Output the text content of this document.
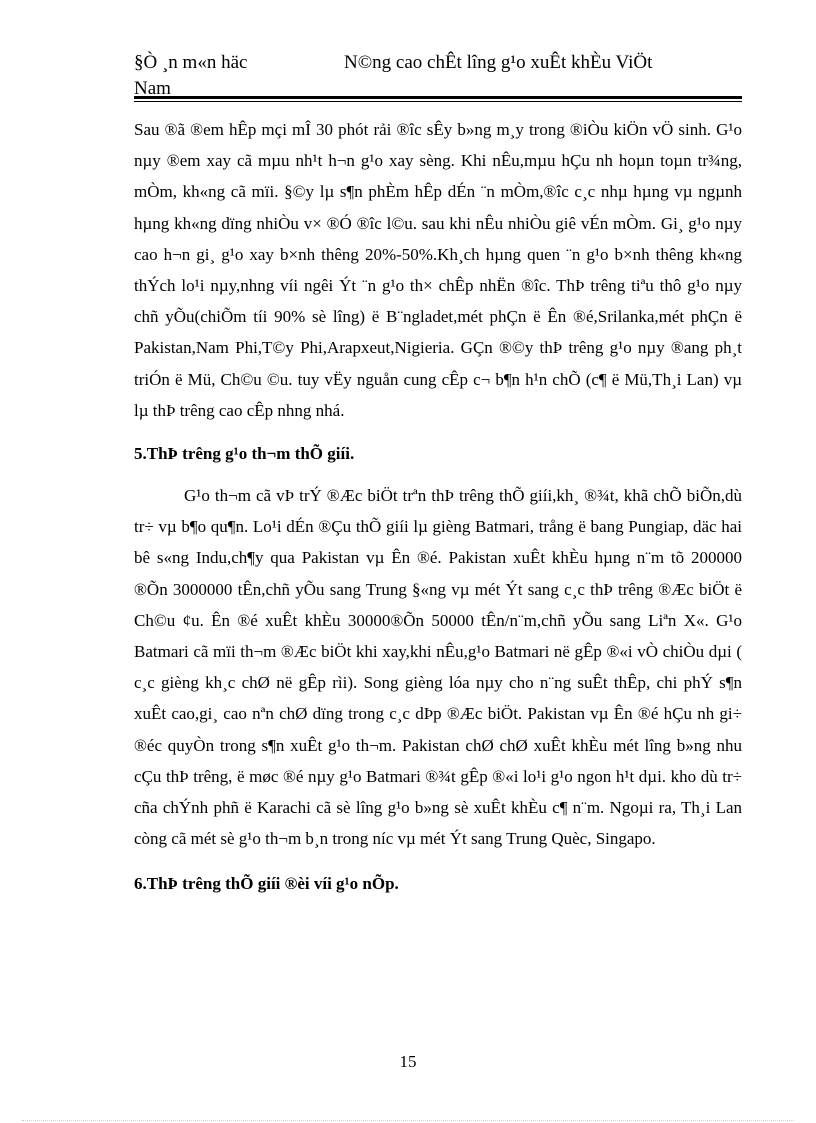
§Ò ¸n m«n häc Nam
N©ng cao chÊt lîng g¹o xuÊt khÈu ViÖt

Sau ®ã ®em hÊp mçi mÎ 30 phót rải ®îc sÊy b»ng m¸y trong ®iÒu kiÖn vÖ sinh. G¹o nµy ®em xay cã mµu nh¹t h¬n g¹o xay sèng. Khi nÊu,mµu hÇu nh hoµn toµn tr¾ng, mÒm, kh«ng cã mïi. §©y lµ s¶n phÈm hÊp dÉn ¨n mÒm,®îc c¸c nhµ hµng vµ ngµnh hµng kh«ng dïng nhiÒu v× ®Ó ®îc l©u. sau khi nÊu nhiÒu giê vÉn mÒm. Gi¸ g¹o nµy cao h¬n gi¸ g¹o xay b×nh thêng 20%-50%.Kh¸ch hµng quen ¨n g¹o b×nh thêng kh«ng thÝch lo¹i nµy,nhng víi ngêi Ýt ¨n g¹o th× chÊp nhËn ®îc. ThÞ trêng tiªu thô g¹o nµy chñ yÕu(chiÕm tíi 90% sè lîng) ë B¨ngladet,mét phÇn ë Ên ®é,Srilanka,mét phÇn ë Pakistan,Nam Phi,T©y Phi,Arapxeut,Nigieria. GÇn ®©y thÞ trêng g¹o nµy ®ang ph¸t triÓn ë Mü, Ch©u ©u. tuy vËy nguån cung cÊp c¬ b¶n h¹n chÕ (c¶ ë Mü,Th¸i Lan) vµ lµ thÞ trêng cao cÊp nhng nhá.

5.ThÞ trêng g¹o th¬m thÕ giíi.

G¹o th¬m cã vÞ trÝ ®Æc biÖt trªn thÞ trêng thÕ giíi,kh¸ ®¾t, khã chÕ biÕn,dù tr÷ vµ b¶o qu¶n. Lo¹i dÉn ®Çu thÕ giíi lµ gièng Batmari, trång ë bang Pungiap, däc hai bê s«ng Indu,ch¶y qua Pakistan vµ Ên ®é. Pakistan xuÊt khÈu hµng n¨m tõ 200000 ®Õn 3000000 tÊn,chñ yÕu sang Trung §«ng vµ mét Ýt sang c¸c thÞ trêng ®Æc biÖt ë Ch©u ¢u. Ên ®é xuÊt khÈu 30000®Õn 50000 tÊn/n¨m,chñ yÕu sang Liªn X«. G¹o Batmari cã mïi th¬m ®Æc biÖt khi xay,khi nÊu,g¹o Batmari në gÊp ®«i vÒ chiÒu dµi ( c¸c gièng kh¸c chØ në gÊp rìi). Song gièng lóa nµy cho n¨ng suÊt thÊp, chi phÝ s¶n xuÊt cao,gi¸ cao nªn chØ dïng trong c¸c dÞp ®Æc biÖt. Pakistan vµ Ên ®é hÇu nh gi÷ ®éc quyÒn trong s¶n xuÊt g¹o th¬m. Pakistan chØ chØ xuÊt khÈu mét lîng b»ng nhu cÇu thÞ trêng, ë møc ®é nµy g¹o Batmari ®¾t gÊp ®«i lo¹i g¹o ngon h¹t dµi. kho dù tr÷ cña chÝnh phñ ë Karachi cã sè lîng g¹o b»ng sè xuÊt khÈu c¶ n¨m. Ngoµi ra, Th¸i Lan còng cã mét sè g¹o th¬m b¸n trong níc vµ mét Ýt sang Trung Quèc, Singapo.

6.ThÞ trêng thÕ giíi ®èi víi g¹o nÕp.
15
